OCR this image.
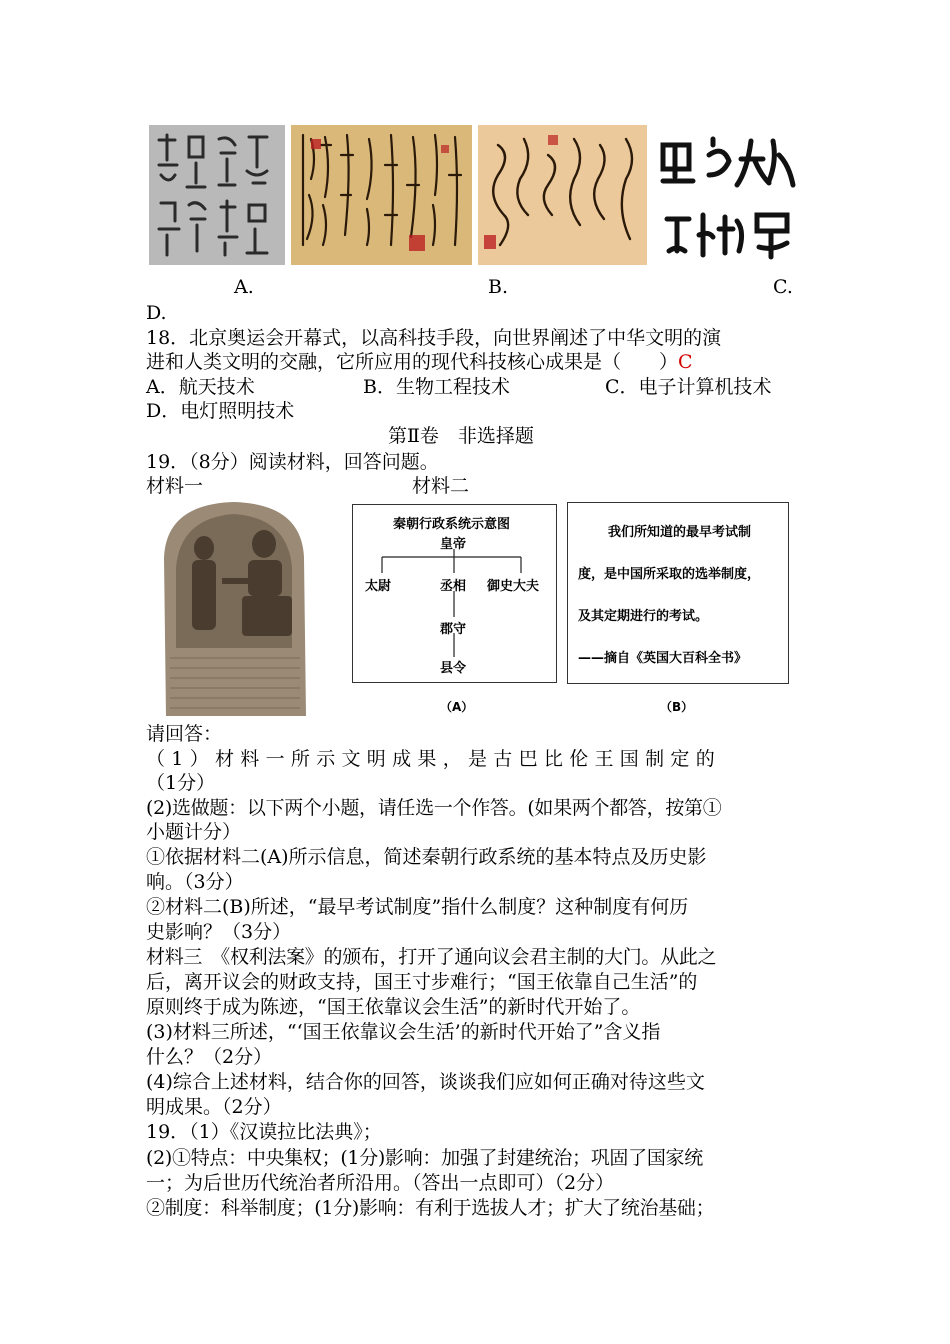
A.	B.	C.
D.
18．北京奥运会开幕式，以高科技手段，向世界阐述了中华文明的演
进和人类文明的交融，它所应用的现代科技核心成果是（　　）C
A．航天技术	B．生物工程技术	C．电子计算机技术
D．电灯照明技术
第Ⅱ卷　非选择题
19．（8分）阅读材料，回答问题。
材料一	材料二
秦朝行政系统示意图
皇帝
太尉	丞相 御史大夫
郡守
县令
（A）
我们所知道的最早考试制
度，是中国所采取的选举制度，
及其定期进行的考试。
——摘自《英国大百科全书》
（B）
请回答：
（1）材料一所示文明成果，是古巴比伦王国制定的
（1分）
(2)选做题：以下两个小题，请任选一个作答。(如果两个都答，按第①
小题计分）
①依据材料二(A)所示信息，简述秦朝行政系统的基本特点及历史影
响。（3分）
②材料二(B)所述，“最早考试制度”指什么制度？这种制度有何历
史影响？（3分）
材料三　《权利法案》的颁布，打开了通向议会君主制的大门。从此之
后，离开议会的财政支持，国王寸步难行；“国王依靠自己生活”的
原则终于成为陈迹，“国王依靠议会生活”的新时代开始了。
(3)材料三所述，“‘国王依靠议会生活’的新时代开始了”含义指
什么？（2分）
(4)综合上述材料，结合你的回答，谈谈我们应如何正确对待这些文
明成果。（2分）
19．（1）《汉谟拉比法典》；
(2)①特点：中央集权；(1分)影响：加强了封建统治；巩固了国家统
一；为后世历代统治者所沿用。（答出一点即可）（2分）
②制度：科举制度；(1分)影响：有利于选拔人才；扩大了统治基础；
